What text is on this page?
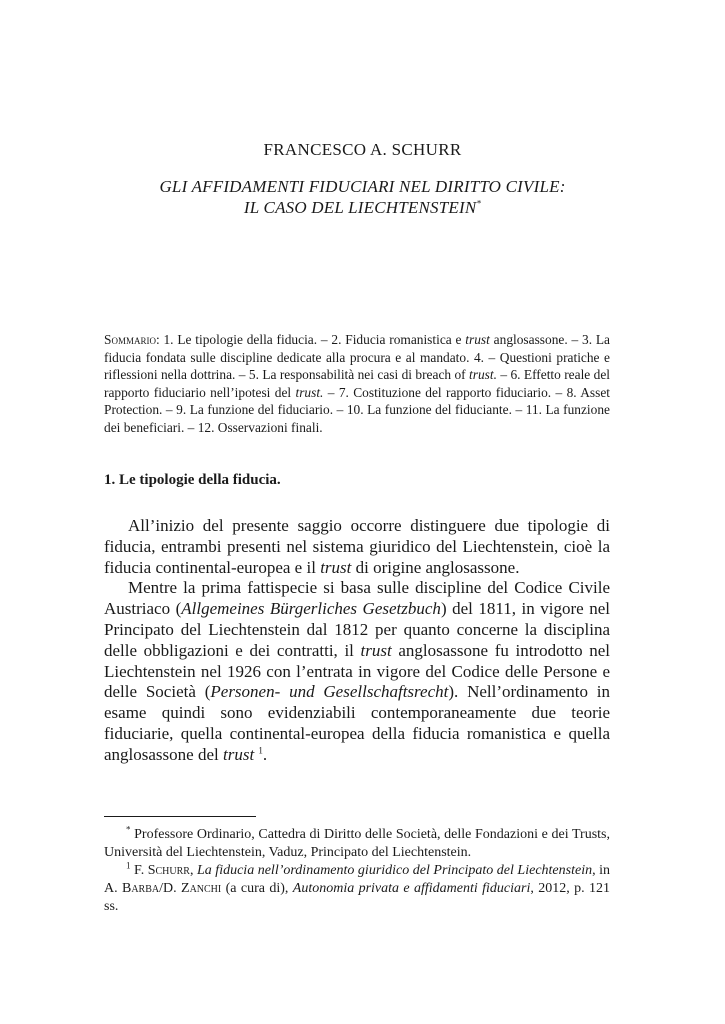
FRANCESCO A. SCHURR
GLI AFFIDAMENTI FIDUCIARI NEL DIRITTO CIVILE:
IL CASO DEL LIECHTENSTEIN*
Sommario: 1. Le tipologie della fiducia. – 2. Fiducia romanistica e trust anglosassone. – 3. La fiducia fondata sulle discipline dedicate alla procura e al mandato. 4. – Questioni pratiche e riflessioni nella dottrina. – 5. La responsabilità nei casi di breach of trust. – 6. Effetto reale del rapporto fiduciario nell’ipotesi del trust. – 7. Costituzione del rapporto fiduciario. – 8. Asset Protection. – 9. La funzione del fiduciario. – 10. La funzione del fiduciante. – 11. La funzione dei beneficiari. – 12. Osservazioni finali.
1. Le tipologie della fiducia.

All’inizio del presente saggio occorre distinguere due tipologie di fiducia, entrambi presenti nel sistema giuridico del Liechtenstein, cioè la fiducia continental-europea e il trust di origine anglosassone.

Mentre la prima fattispecie si basa sulle discipline del Codice Civile Austriaco (Allgemeines Bürgerliches Gesetzbuch) del 1811, in vigore nel Principato del Liechtenstein dal 1812 per quanto concerne la disciplina delle obbligazioni e dei contratti, il trust anglosassone fu introdotto nel Liechtenstein nel 1926 con l’entrata in vigore del Codice delle Persone e delle Società (Personen- und Gesellschaftsrecht). Nell’ordinamento in esame quindi sono evidenziabili contemporaneamente due teorie fiduciarie, quella continental-europea della fiducia romanistica e quella anglosassone del trust $^1$.

* Professore Ordinario, Cattedra di Diritto delle Società, delle Fondazioni e dei Trusts, Università del Liechtenstein, Vaduz, Principato del Liechtenstein.

$^1$ F. Schurr, La fiducia nell’ordinamento giuridico del Principato del Liechtenstein, in A. Barba/D. Zanchi (a cura di), Autonomia privata e affidamenti fiduciari, 2012, p. 121 ss.
